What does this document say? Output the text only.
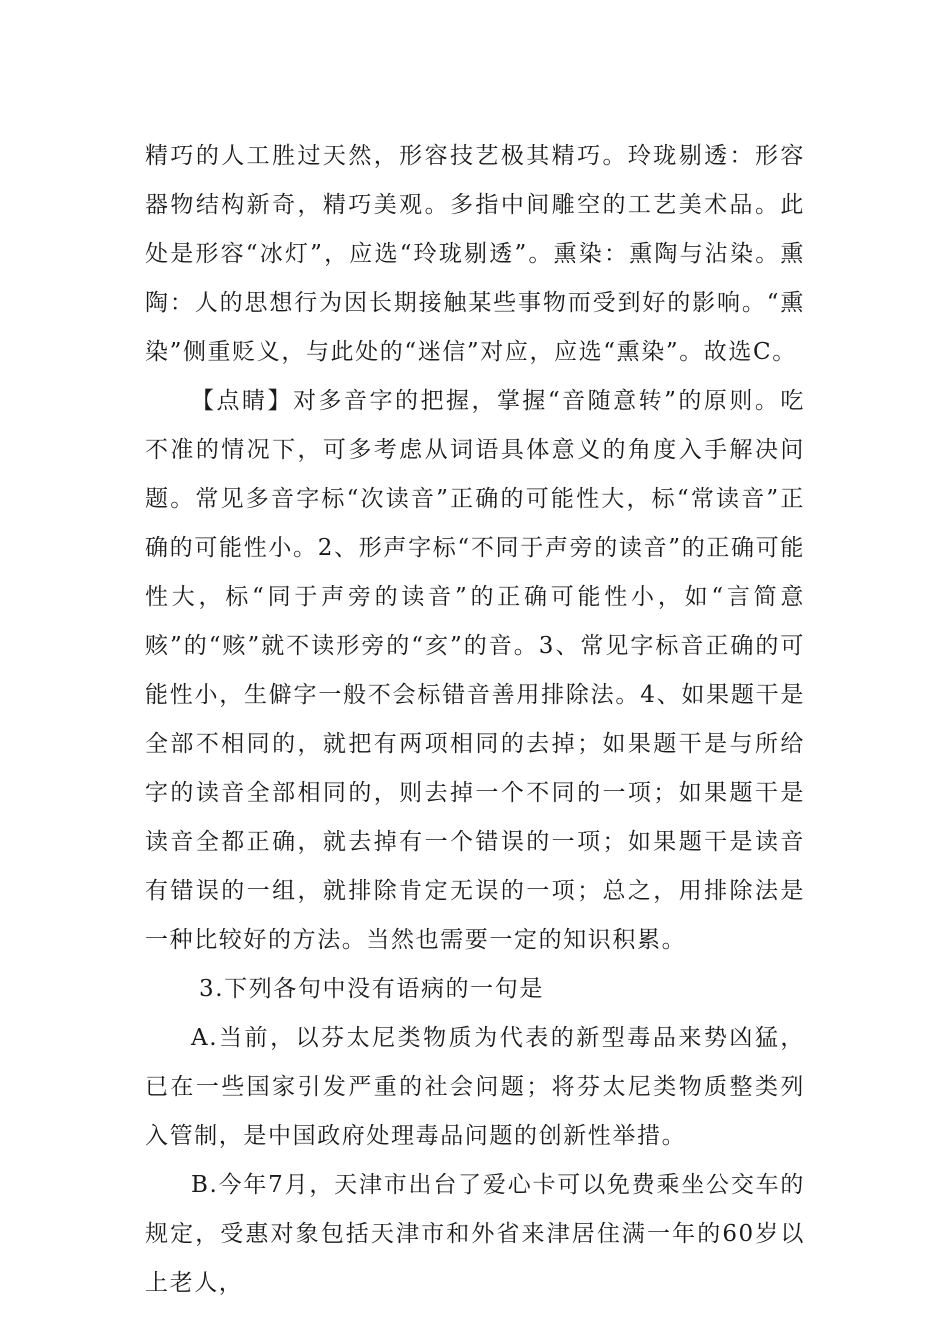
精巧的人工胜过天然，形容技艺极其精巧。玲珑剔透：形容器物结构新奇，精巧美观。多指中间雕空的工艺美术品。此处是形容“冰灯”，应选“玲珑剔透”。熏染：熏陶与沾染。熏陶：人的思想行为因长期接触某些事物而受到好的影响。“熏染”侧重贬义，与此处的“迷信”对应，应选“熏染”。故选C。

【点睛】对多音字的把握，掌握“音随意转”的原则。吃不准的情况下，可多考虑从词语具体意义的角度入手解决问题。常见多音字标“次读音”正确的可能性大，标“常读音”正确的可能性小。2、形声字标“不同于声旁的读音”的正确可能性大，标“同于声旁的读音”的正确可能性小，如“言简意赅”的“赅”就不读形旁的“亥”的音。3、常见字标音正确的可能性小，生僻字一般不会标错音善用排除法。4、如果题干是全部不相同的，就把有两项相同的去掉；如果题干是与所给字的读音全部相同的，则去掉一个不同的一项；如果题干是读音全都正确，就去掉有一个错误的一项；如果题干是读音有错误的一组，就排除肯定无误的一项；总之，用排除法是一种比较好的方法。当然也需要一定的知识积累。

3.下列各句中没有语病的一句是

A.当前，以芬太尼类物质为代表的新型毒品来势凶猛，已在一些国家引发严重的社会问题；将芬太尼类物质整类列入管制，是中国政府处理毒品问题的创新性举措。

B.今年7月，天津市出台了爱心卡可以免费乘坐公交车的规定，受惠对象包括天津市和外省来津居住满一年的60岁以上老人，
